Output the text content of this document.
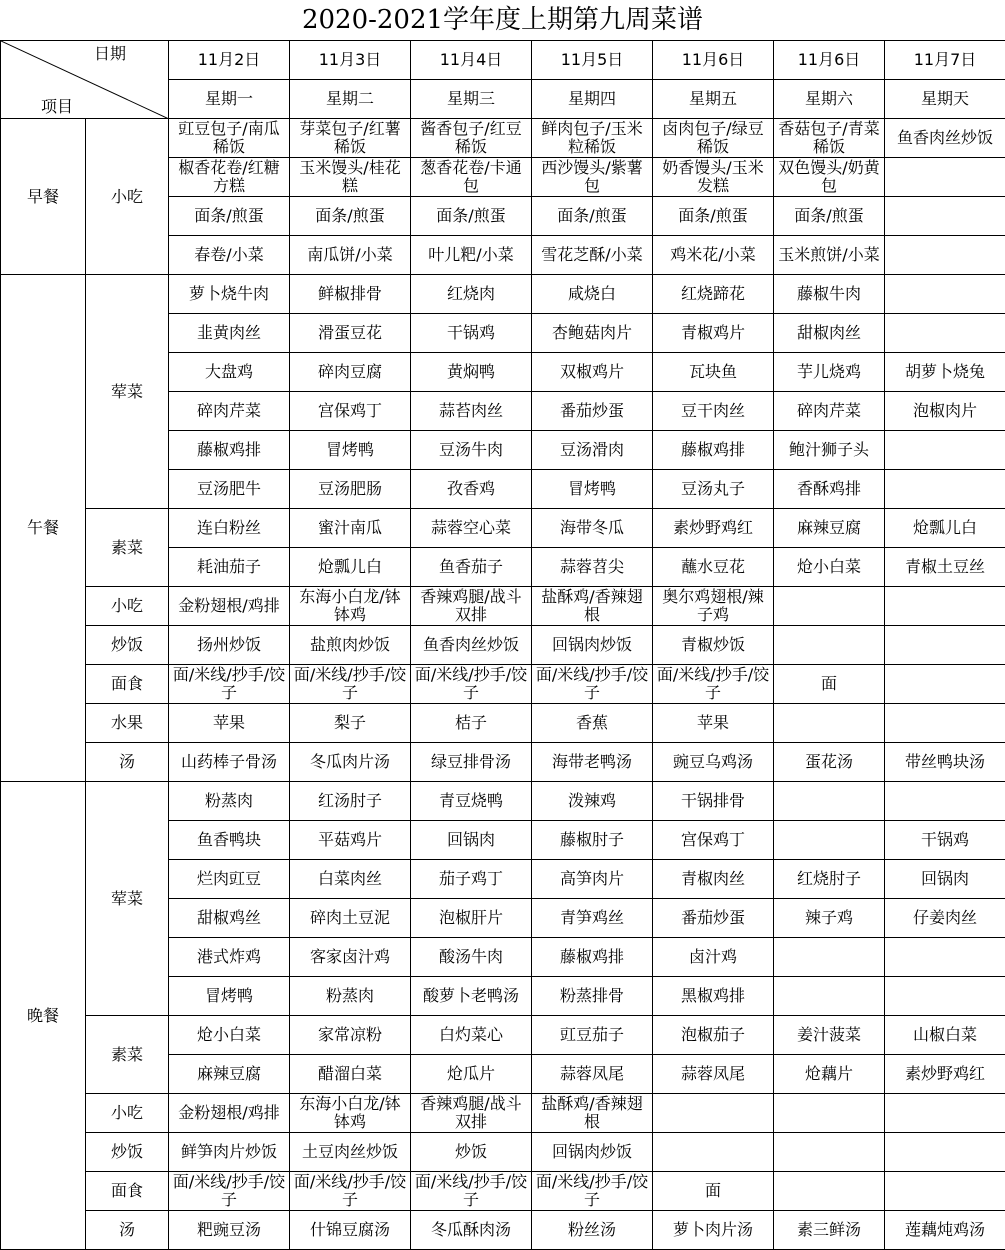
2020-2021学年度上期第九周菜谱
日期
项目		11月2日	11月3日	11月4日	11月5日	11月6日	11月6日	11月7日
		星期一	星期二	星期三	星期四	星期五	星期六	星期天
早餐	小吃	豇豆包子/南瓜稀饭	芽菜包子/红薯稀饭	酱香包子/红豆稀饭	鲜肉包子/玉米粒稀饭	卤肉包子/绿豆稀饭	香菇包子/青菜稀饭	鱼香肉丝炒饭
		椒香花卷/红糖方糕	玉米馒头/桂花糕	葱香花卷/卡通包	西沙馒头/紫薯包	奶香馒头/玉米发糕	双色馒头/奶黄包	
		面条/煎蛋	面条/煎蛋	面条/煎蛋	面条/煎蛋	面条/煎蛋	面条/煎蛋	
		春卷/小菜	南瓜饼/小菜	叶儿粑/小菜	雪花芝酥/小菜	鸡米花/小菜	玉米煎饼/小菜	
午餐	荤菜	萝卜烧牛肉	鲜椒排骨	红烧肉	咸烧白	红烧蹄花	藤椒牛肉	
		韭黄肉丝	滑蛋豆花	干锅鸡	杏鲍菇肉片	青椒鸡片	甜椒肉丝	
		大盘鸡	碎肉豆腐	黄焖鸭	双椒鸡片	瓦块鱼	芋儿烧鸡	胡萝卜烧兔
		碎肉芹菜	宫保鸡丁	蒜苔肉丝	番茄炒蛋	豆干肉丝	碎肉芹菜	泡椒肉片
		藤椒鸡排	冒烤鸭	豆汤牛肉	豆汤滑肉	藤椒鸡排	鲍汁狮子头	
		豆汤肥牛	豆汤肥肠	孜香鸡	冒烤鸭	豆汤丸子	香酥鸡排	
	素菜	连白粉丝	蜜汁南瓜	蒜蓉空心菜	海带冬瓜	素炒野鸡红	麻辣豆腐	炝瓢儿白
		耗油茄子	炝瓢儿白	鱼香茄子	蒜蓉苕尖	蘸水豆花	炝小白菜	青椒土豆丝
	小吃	金粉翅根/鸡排	东海小白龙/钵钵鸡	香辣鸡腿/战斗双排	盐酥鸡/香辣翅根	奥尔鸡翅根/辣子鸡		
	炒饭	扬州炒饭	盐煎肉炒饭	鱼香肉丝炒饭	回锅肉炒饭	青椒炒饭		
	面食	面/米线/抄手/饺子	面/米线/抄手/饺子	面/米线/抄手/饺子	面/米线/抄手/饺子	面/米线/抄手/饺子	面	
	水果	苹果	梨子	桔子	香蕉	苹果		
	汤	山药棒子骨汤	冬瓜肉片汤	绿豆排骨汤	海带老鸭汤	豌豆乌鸡汤	蛋花汤	带丝鸭块汤
晚餐	荤菜	粉蒸肉	红汤肘子	青豆烧鸭	泼辣鸡	干锅排骨		
		鱼香鸭块	平菇鸡片	回锅肉	藤椒肘子	宫保鸡丁		干锅鸡
		烂肉豇豆	白菜肉丝	茄子鸡丁	高笋肉片	青椒肉丝	红烧肘子	回锅肉
		甜椒鸡丝	碎肉土豆泥	泡椒肝片	青笋鸡丝	番茄炒蛋	辣子鸡	仔姜肉丝
		港式炸鸡	客家卤汁鸡	酸汤牛肉	藤椒鸡排	卤汁鸡		
		冒烤鸭	粉蒸肉	酸萝卜老鸭汤	粉蒸排骨	黑椒鸡排		
	素菜	炝小白菜	家常凉粉	白灼菜心	豇豆茄子	泡椒茄子	姜汁菠菜	山椒白菜
		麻辣豆腐	醋溜白菜	炝瓜片	蒜蓉凤尾	蒜蓉凤尾	炝藕片	素炒野鸡红
	小吃	金粉翅根/鸡排	东海小白龙/钵钵鸡	香辣鸡腿/战斗双排	盐酥鸡/香辣翅根			
	炒饭	鲜笋肉片炒饭	土豆肉丝炒饭	炒饭	回锅肉炒饭			
	面食	面/米线/抄手/饺子	面/米线/抄手/饺子	面/米线/抄手/饺子	面/米线/抄手/饺子	面		
	汤	粑豌豆汤	什锦豆腐汤	冬瓜酥肉汤	粉丝汤	萝卜肉片汤	素三鲜汤	莲藕炖鸡汤
